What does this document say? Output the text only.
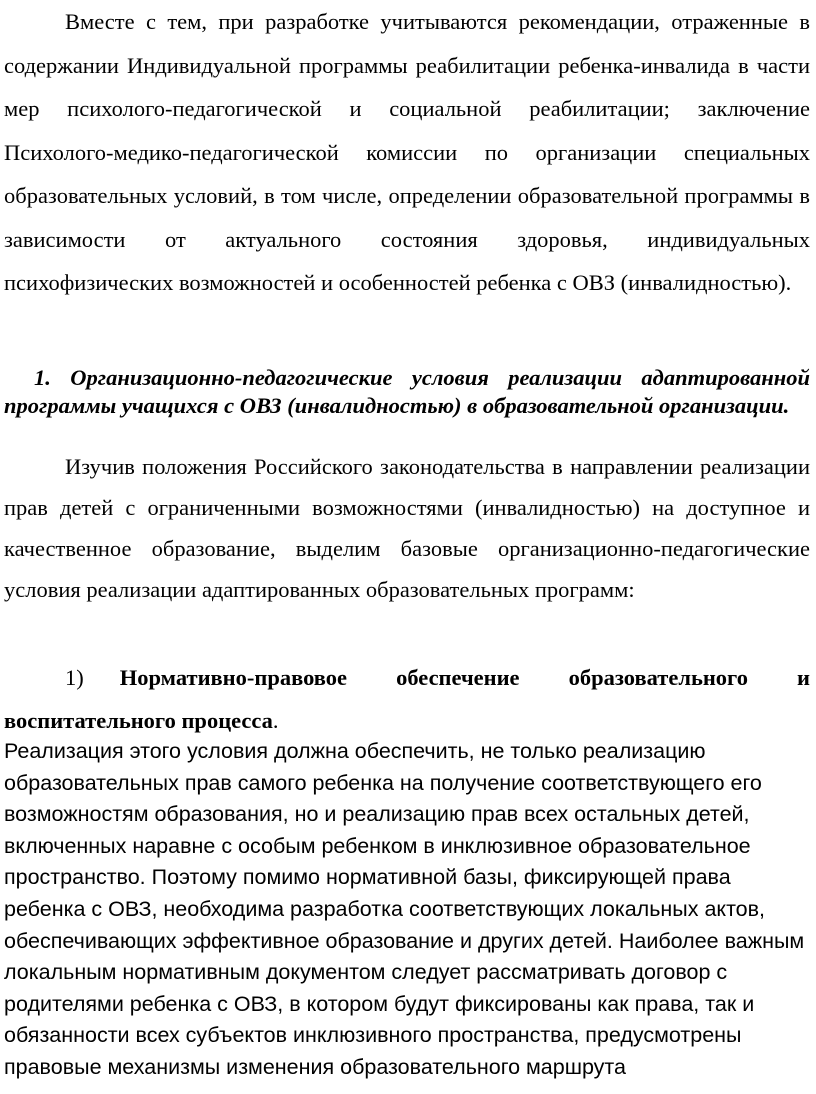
Вместе с тем, при разработке учитываются рекомендации, отраженные в содержании Индивидуальной программы реабилитации ребенка-инвалида в части мер психолого-педагогической и социальной реабилитации; заключение Психолого-медико-педагогической комиссии по организации специальных образовательных условий, в том числе, определении образовательной программы в зависимости от актуального состояния здоровья, индивидуальных психофизических возможностей и особенностей ребенка с ОВЗ (инвалидностью).

1. Организационно-педагогические условия реализации адаптированной программы учащихся с ОВЗ (инвалидностью) в образовательной организации.

Изучив положения Российского законодательства в направлении реализации прав детей с ограниченными возможностями (инвалидностью) на доступное и качественное образование, выделим базовые организационно-педагогические условия реализации адаптированных образовательных программ:

1) Нормативно-правовое обеспечение образовательного и воспитательного процесса.

Реализация этого условия должна обеспечить, не только реализацию образовательных прав самого ребенка на получение соответствующего его возможностям образования, но и реализацию прав всех остальных детей, включенных наравне с особым ребенком в инклюзивное образовательное пространство. Поэтому помимо нормативной базы, фиксирующей права ребенка с ОВЗ, необходима разработка соответствующих локальных актов, обеспечивающих эффективное образование и других детей. Наиболее важным локальным нормативным документом следует рассматривать договор с родителями ребенка с ОВЗ, в котором будут фиксированы как права, так и обязанности всех субъектов инклюзивного пространства, предусмотрены правовые механизмы изменения образовательного маршрута
